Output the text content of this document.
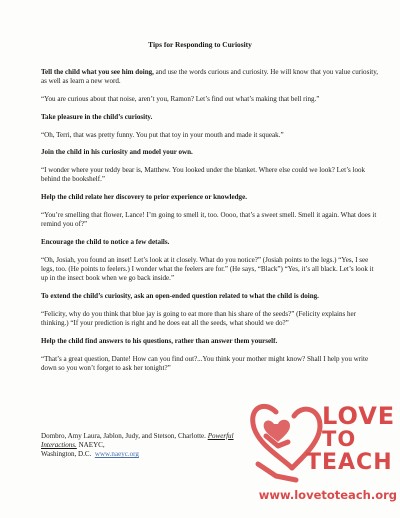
Tips for Responding to Curiosity

Tell the child what you see him doing, and use the words curious and curiosity. He will know that you value curiosity, as well as learn a new word.

“You are curious about that noise, aren’t you, Ramon? Let’s find out what’s making that bell ring.”

Take pleasure in the child’s curiosity.

“Oh, Terri, that was pretty funny. You put that toy in your mouth and made it squeak.”

Join the child in his curiosity and model your own.

“I wonder where your teddy bear is, Matthew. You looked under the blanket. Where else could we look? Let’s look behind the bookshelf.”

Help the child relate her discovery to prior experience or knowledge.

“You’re smelling that flower, Lance! I’m going to smell it, too. Oooo, that’s a sweet smell. Smell it again. What does it remind you of?”

Encourage the child to notice a few details.

“Oh, Josiah, you found an inset! Let’s look at it closely. What do you notice?” (Josiah points to the legs.) “Yes, I see legs, too. (He points to feelers.) I wonder what the feelers are for.” (He says, “Black”) “Yes, it’s all black. Let’s look it up in the insect book when we go back inside.”

To extend the child’s curiosity, ask an open-ended question related to what the child is doing.

“Felicity, why do you think that blue jay is going to eat more than his share of the seeds?” (Felicity explains her thinking.) “If your prediction is right and he does eat all the seeds, what should we do?”

Help the child find answers to his questions, rather than answer them yourself.

“That’s a great question, Dante! How can you find out?...You think your mother might know? Shall I help you write down so you won’t forget to ask her tonight?”

Dombro, Amy Laura, Jablon, Judy, and Stetson, Charlotte. Powerful Interactions. NAEYC,
Washington, D.C. www.naeyc.org
LOVE
TO
TEACH
www.lovetoteach.org
